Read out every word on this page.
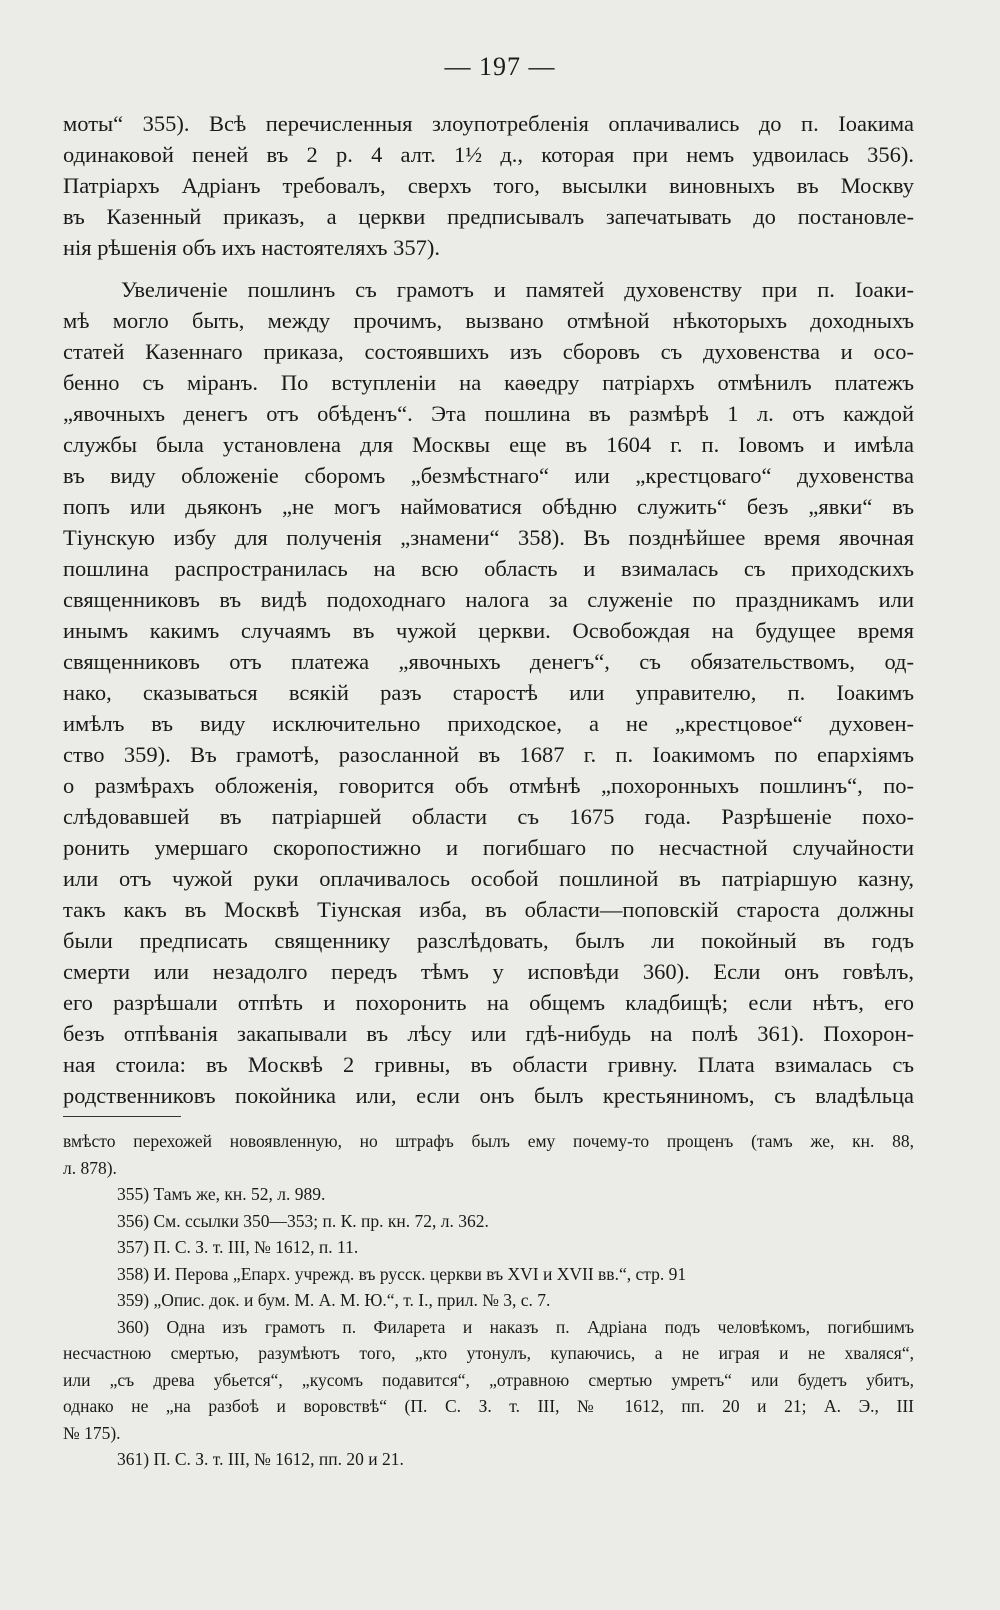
— 197 —
моты“ 355). Всѣ перечисленныя злоупотребленія оплачивались до п. Іоакима
одинаковой пеней въ 2 р. 4 алт. 1½ д., которая при немъ удвоилась 356).
Патріархъ Адріанъ требовалъ, сверхъ того, высылки виновныхъ въ Москву
въ Казенный приказъ, а церкви предписывалъ запечатывать до постановле-
нія рѣшенія объ ихъ настоятеляхъ 357).
Увеличеніе пошлинъ съ грамотъ и памятей духовенству при п. Іоаки-
мѣ могло быть, между прочимъ, вызвано отмѣной нѣкоторыхъ доходныхъ
статей Казеннаго приказа, состоявшихъ изъ сборовъ съ духовенства и осо-
бенно съ міранъ. По вступленіи на каѳедру патріархъ отмѣнилъ платежъ
„явочныхъ денегъ отъ обѣденъ“. Эта пошлина въ размѣрѣ 1 л. отъ каждой
службы была установлена для Москвы еще въ 1604 г. п. Іовомъ и имѣла
въ виду обложеніе сборомъ „безмѣстнаго“ или „крестцоваго“ духовенства
попъ или дьяконъ „не могъ наймоватися обѣдню служить“ безъ „явки“ въ
Тіунскую избу для полученія „знамени“ 358). Въ позднѣйшее время явочная
пошлина распространилась на всю область и взималась съ приходскихъ
священниковъ въ видѣ подоходнаго налога за служеніе по праздникамъ или
инымъ какимъ случаямъ въ чужой церкви. Освобождая на будущее время
священниковъ отъ платежа „явочныхъ денегъ“, съ обязательствомъ, од-
нако, сказываться всякій разъ старостѣ или управителю, п. Іоакимъ
имѣлъ въ виду исключительно приходское, а не „крестцовое“ духовен-
ство 359). Въ грамотѣ, разосланной въ 1687 г. п. Іоакимомъ по епархіямъ
о размѣрахъ обложенія, говорится объ отмѣнѣ „похоронныхъ пошлинъ“, по-
слѣдовавшей въ патріаршей области съ 1675 года. Разрѣшеніе похо-
ронить умершаго скоропостижно и погибшаго по несчастной случайности
или отъ чужой руки оплачивалось особой пошлиной въ патріаршую казну,
такъ какъ въ Москвѣ Тіунская изба, въ области—поповскій староста должны
были предписать священнику разслѣдовать, былъ ли покойный въ годъ
смерти или незадолго передъ тѣмъ у исповѣди 360). Если онъ говѣлъ,
его разрѣшали отпѣть и похоронить на общемъ кладбищѣ; если нѣтъ, его
безъ отпѣванія закапывали въ лѣсу или гдѣ-нибудь на полѣ 361). Похорон-
ная стоила: въ Москвѣ 2 гривны, въ области гривну. Плата взималась съ
родственниковъ покойника или, если онъ былъ крестьяниномъ, съ владѣльца
вмѣсто перехожей новоявленную, но штрафъ былъ ему почему-то прощенъ (тамъ же, кн. 88,
л. 878).
355) Тамъ же, кн. 52, л. 989.
356) См. ссылки 350—353; п. К. пр. кн. 72, л. 362.
357) П. С. З. т. III, № 1612, п. 11.
358) И. Перова „Епарх. учрежд. въ русск. церкви въ XVI и XVII вв.“, стр. 91
359) „Опис. док. и бум. М. А. М. Ю.“, т. I., прил. № 3, с. 7.
360) Одна изъ грамотъ п. Филарета и наказъ п. Адріана подъ человѣкомъ, погибшимъ
несчастною смертью, разумѣютъ того, „кто утонулъ, купаючись, а не играя и не хваляся“,
или „съ древа убьется“, „кусомъ подавится“, „отравною смертью умретъ“ или будетъ убитъ,
однако не „на разбоѣ и воровствѣ“ (П. С. З. т. III, № 1612, пп. 20 и 21; А. Э., III
№ 175).
361) П. С. З. т. III, № 1612, пп. 20 и 21.
